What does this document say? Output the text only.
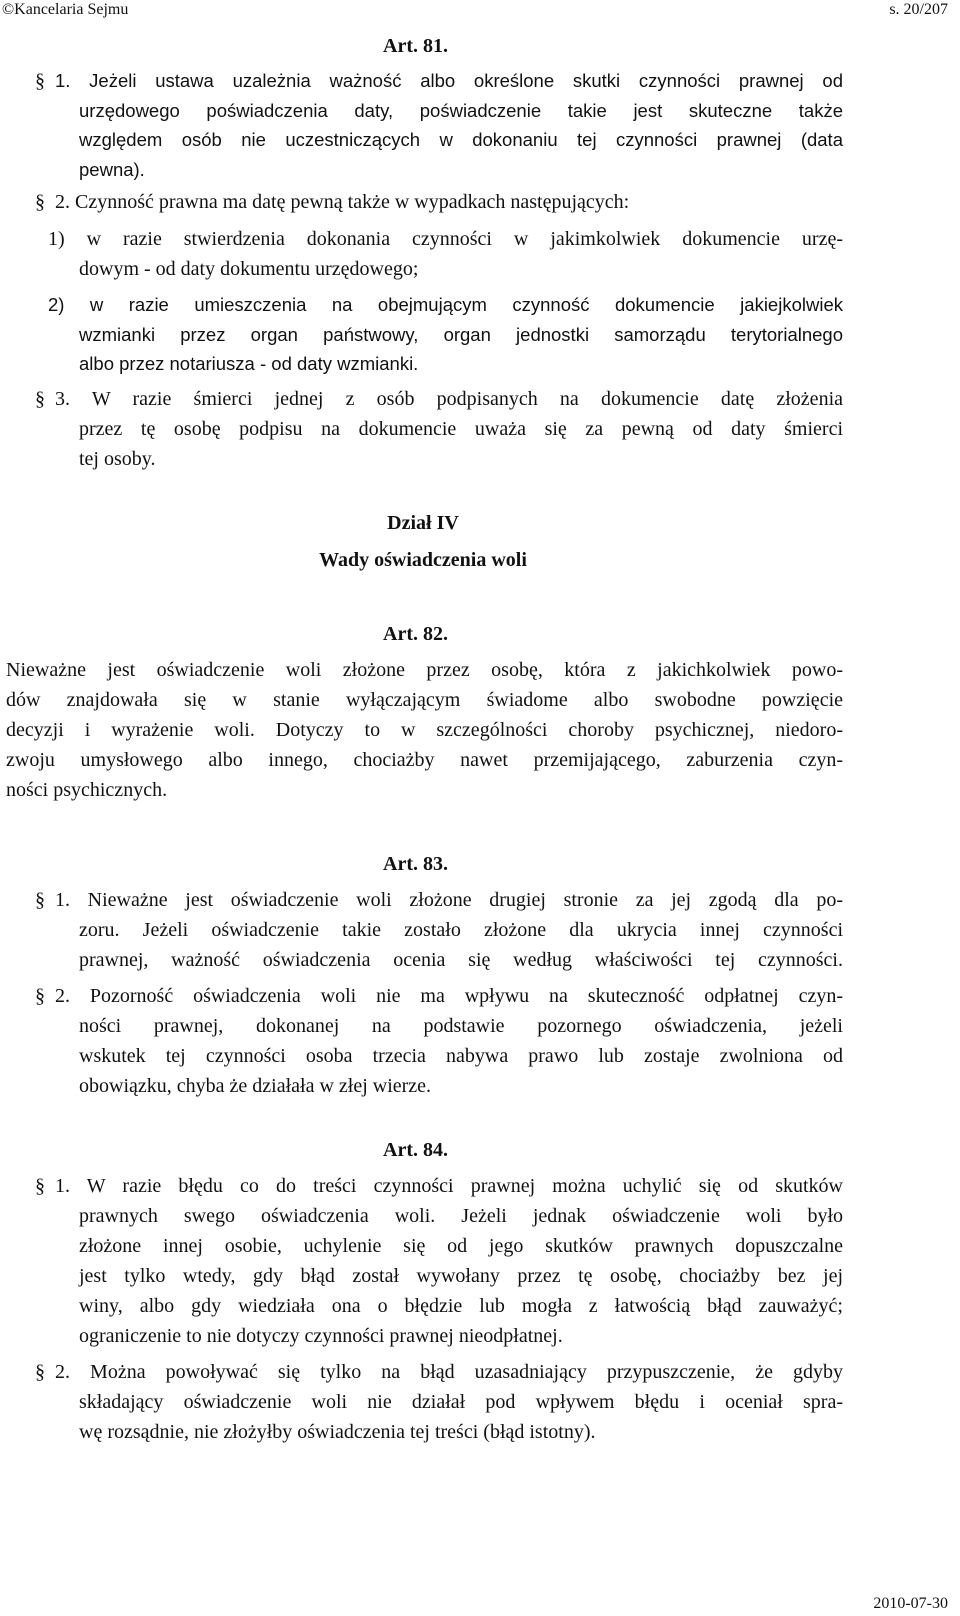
©Kancelaria Sejmu	s. 20/207
Art. 81.
§ 1. Jeżeli ustawa uzależnia ważność albo określone skutki czynności prawnej od
urzędowego poświadczenia daty, poświadczenie takie jest skuteczne także
względem osób nie uczestniczących w dokonaniu tej czynności prawnej (data
pewna).
§ 2. Czynność prawna ma datę pewną także w wypadkach następujących:
1) w razie stwierdzenia dokonania czynności w jakimkolwiek dokumencie urzę-
dowym - od daty dokumentu urzędowego;
2) w razie umieszczenia na obejmującym czynność dokumencie jakiejkolwiek
wzmianki przez organ państwowy, organ jednostki samorządu terytorialnego
albo przez notariusza - od daty wzmianki.
§ 3. W razie śmierci jednej z osób podpisanych na dokumencie datę złożenia
przez tę osobę podpisu na dokumencie uważa się za pewną od daty śmierci
tej osoby.
Dział IV
Wady oświadczenia woli
Art. 82.
Nieważne jest oświadczenie woli złożone przez osobę, która z jakichkolwiek powo-
dów znajdowała się w stanie wyłączającym świadome albo swobodne powzięcie
decyzji i wyrażenie woli. Dotyczy to w szczególności choroby psychicznej, niedoro-
zwoju umysłowego albo innego, chociażby nawet przemijającego, zaburzenia czyn-
ności psychicznych.
Art. 83.
§ 1. Nieważne jest oświadczenie woli złożone drugiej stronie za jej zgodą dla po-
zoru. Jeżeli oświadczenie takie zostało złożone dla ukrycia innej czynności
prawnej, ważność oświadczenia ocenia się według właściwości tej czynności.
§ 2. Pozorność oświadczenia woli nie ma wpływu na skuteczność odpłatnej czyn-
ności prawnej, dokonanej na podstawie pozornego oświadczenia, jeżeli
wskutek tej czynności osoba trzecia nabywa prawo lub zostaje zwolniona od
obowiązku, chyba że działała w złej wierze.
Art. 84.
§ 1. W razie błędu co do treści czynności prawnej można uchylić się od skutków
prawnych swego oświadczenia woli. Jeżeli jednak oświadczenie woli było
złożone innej osobie, uchylenie się od jego skutków prawnych dopuszczalne
jest tylko wtedy, gdy błąd został wywołany przez tę osobę, chociażby bez jej
winy, albo gdy wiedziała ona o błędzie lub mogła z łatwością błąd zauważyć;
ograniczenie to nie dotyczy czynności prawnej nieodpłatnej.
§ 2. Można powoływać się tylko na błąd uzasadniający przypuszczenie, że gdyby
składający oświadczenie woli nie działał pod wpływem błędu i oceniał spra-
wę rozsądnie, nie złożyłby oświadczenia tej treści (błąd istotny).
2010-07-30
